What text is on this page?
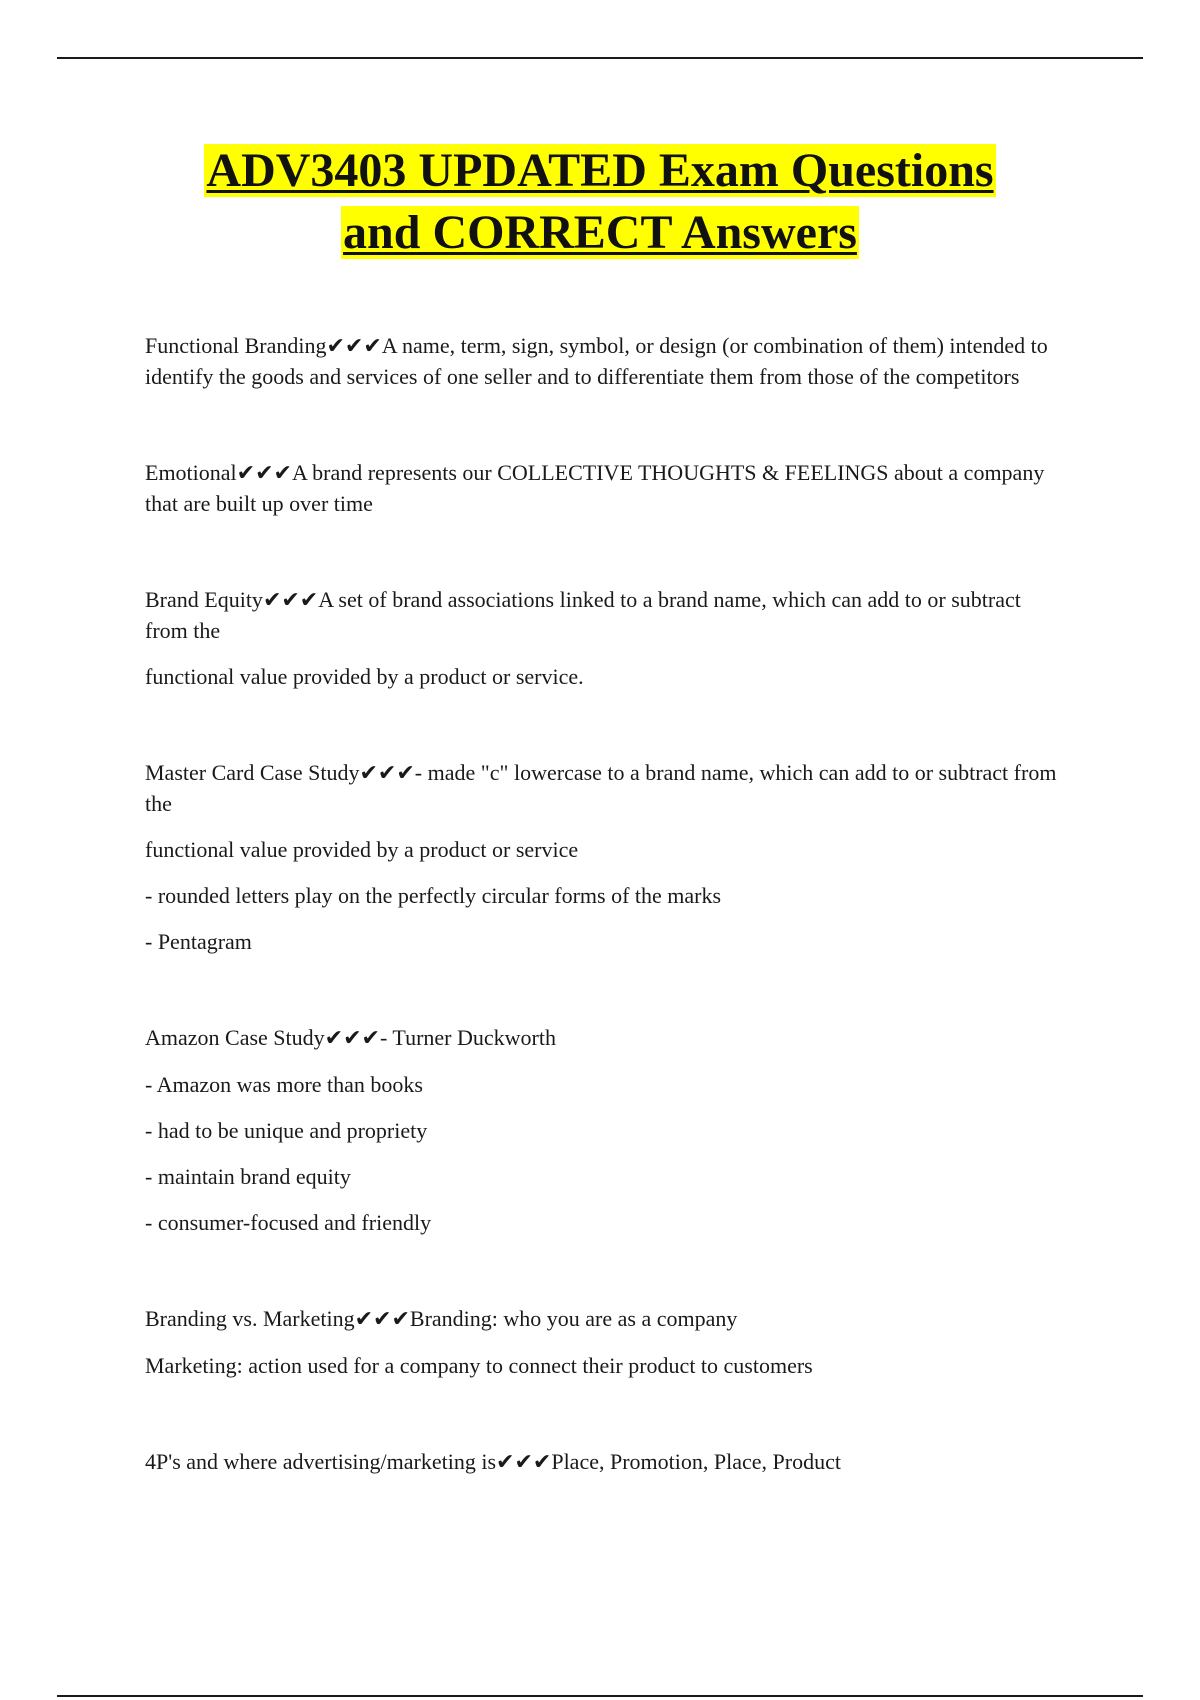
ADV3403 UPDATED Exam Questions
and CORRECT Answers

Functional Branding✔✔✔A name, term, sign, symbol, or design (or combination of them) intended to identify the goods and services of one seller and to differentiate them from those of the competitors

Emotional✔✔✔A brand represents our COLLECTIVE THOUGHTS & FEELINGS about a company that are built up over time

Brand Equity✔✔✔A set of brand associations linked to a brand name, which can add to or subtract from the

functional value provided by a product or service.

Master Card Case Study✔✔✔- made "c" lowercase to a brand name, which can add to or subtract from the

functional value provided by a product or service

- rounded letters play on the perfectly circular forms of the marks

- Pentagram

Amazon Case Study✔✔✔- Turner Duckworth

- Amazon was more than books

- had to be unique and propriety

- maintain brand equity

- consumer-focused and friendly

Branding vs. Marketing✔✔✔Branding: who you are as a company

Marketing: action used for a company to connect their product to customers

4P's and where advertising/marketing is✔✔✔Place, Promotion, Place, Product
